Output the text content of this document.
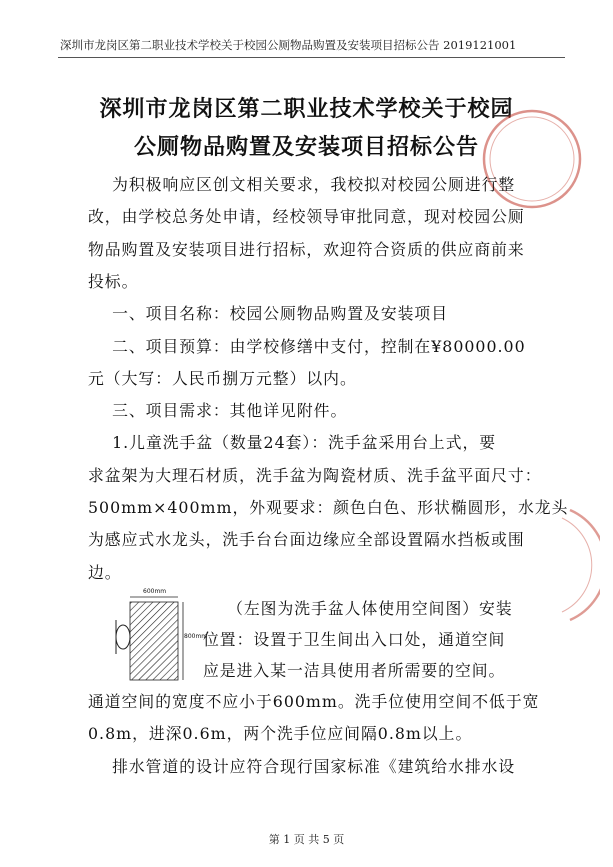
深圳市龙岗区第二职业技术学校关于校园公厕物品购置及安装项目招标公告 2019121001
深圳市龙岗区第二职业技术学校关于校园
公厕物品购置及安装项目招标公告
为积极响应区创文相关要求，我校拟对校园公厕进行整
改，由学校总务处申请，经校领导审批同意，现对校园公厕
物品购置及安装项目进行招标，欢迎符合资质的供应商前来
投标。
一、项目名称：校园公厕物品购置及安装项目
二、项目预算：由学校修缮中支付，控制在¥80000.00
元（大写：人民币捌万元整）以内。
三、项目需求：其他详见附件。
1.儿童洗手盆（数量24套）：洗手盆采用台上式，要
求盆架为大理石材质，洗手盆为陶瓷材质、洗手盆平面尺寸：
500mm×400mm，外观要求：颜色白色、形状椭圆形，水龙头
为感应式水龙头，洗手台台面边缘应全部设置隔水挡板或围
边。
（左图为洗手盆人体使用空间图）安装
位置：设置于卫生间出入口处，通道空间
应是进入某一洁具使用者所需要的空间。
通道空间的宽度不应小于600mm。洗手位使用空间不低于宽
0.8m，进深0.6m，两个洗手位应间隔0.8m以上。
排水管道的设计应符合现行国家标准《建筑给水排水设
600mm
800mm
第 1 页 共 5 页
